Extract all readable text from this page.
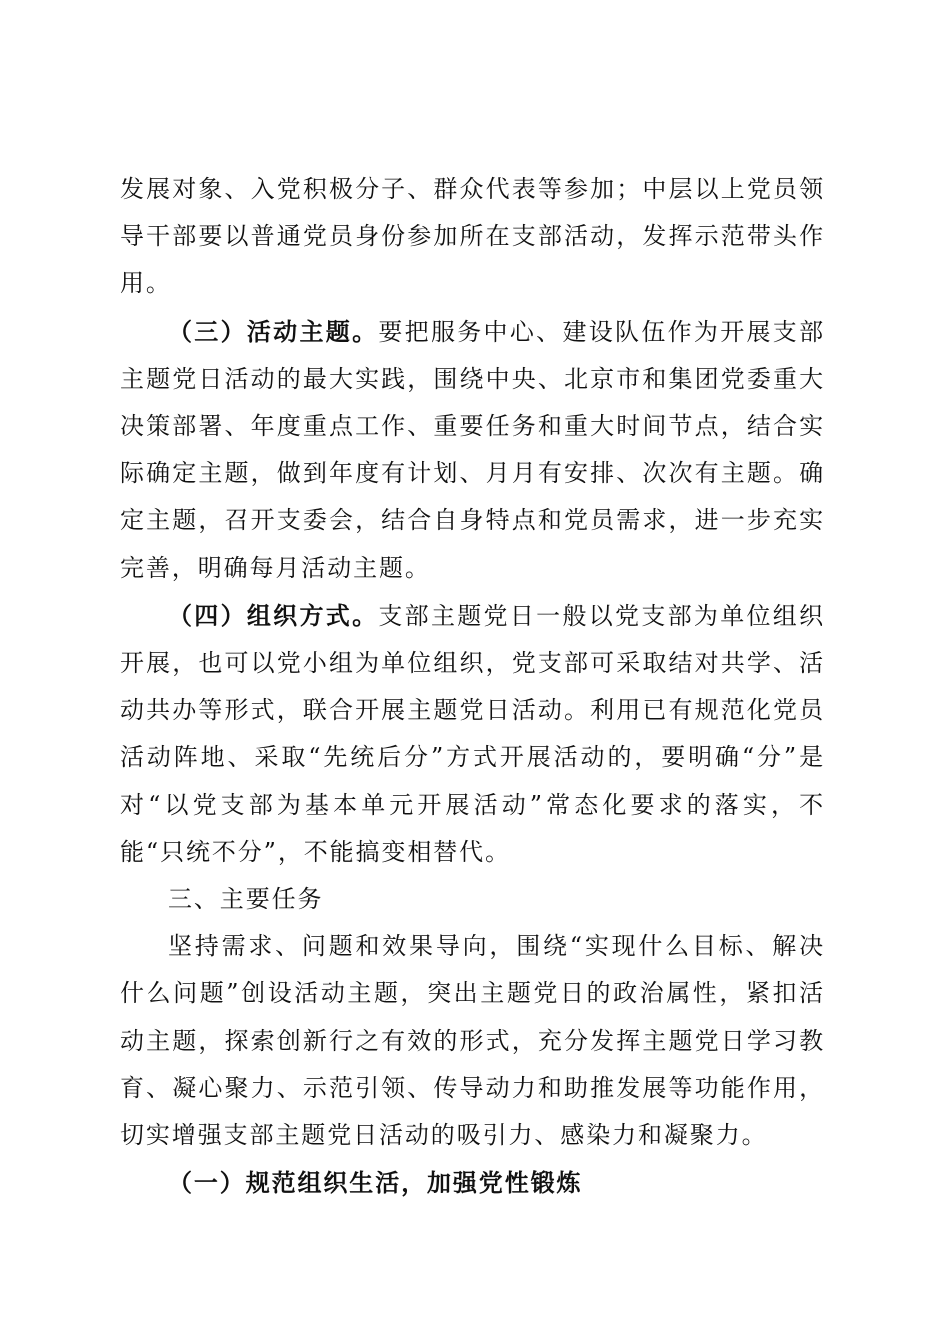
发展对象、入党积极分子、群众代表等参加；中层以上党员领导干部要以普通党员身份参加所在支部活动，发挥示范带头作用。

（三）活动主题。要把服务中心、建设队伍作为开展支部主题党日活动的最大实践，围绕中央、北京市和集团党委重大决策部署、年度重点工作、重要任务和重大时间节点，结合实际确定主题，做到年度有计划、月月有安排、次次有主题。确定主题，召开支委会，结合自身特点和党员需求，进一步充实完善，明确每月活动主题。

（四）组织方式。支部主题党日一般以党支部为单位组织开展，也可以党小组为单位组织，党支部可采取结对共学、活动共办等形式，联合开展主题党日活动。利用已有规范化党员活动阵地、采取“先统后分”方式开展活动的，要明确“分”是对“以党支部为基本单元开展活动”常态化要求的落实，不能“只统不分”，不能搞变相替代。

三、主要任务

坚持需求、问题和效果导向，围绕“实现什么目标、解决什么问题”创设活动主题，突出主题党日的政治属性，紧扣活动主题，探索创新行之有效的形式，充分发挥主题党日学习教育、凝心聚力、示范引领、传导动力和助推发展等功能作用，切实增强支部主题党日活动的吸引力、感染力和凝聚力。

（一）规范组织生活，加强党性锻炼
